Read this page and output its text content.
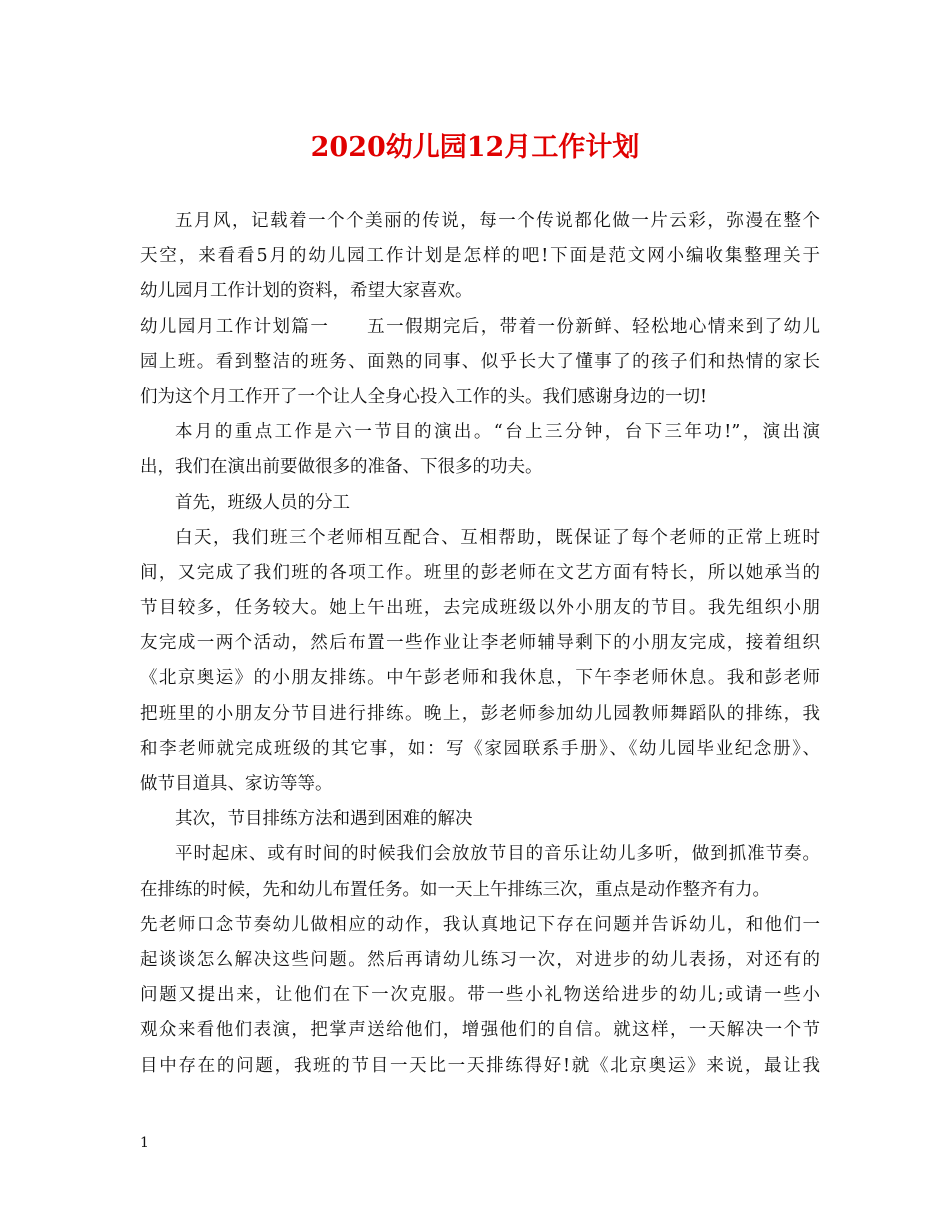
2020幼儿园12月工作计划
五月风，记载着一个个美丽的传说，每一个传说都化做一片云彩，弥漫在整个
天空，来看看5月的幼儿园工作计划是怎样的吧!下面是范文网小编收集整理关于
幼儿园月工作计划的资料，希望大家喜欢。
幼儿园月工作计划篇一　　五一假期完后，带着一份新鲜、轻松地心情来到了幼儿
园上班。看到整洁的班务、面熟的同事、似乎长大了懂事了的孩子们和热情的家长
们为这个月工作开了一个让人全身心投入工作的头。我们感谢身边的一切!
本月的重点工作是六一节目的演出。“台上三分钟，台下三年功!”，演出演
出，我们在演出前要做很多的准备、下很多的功夫。
首先，班级人员的分工
白天，我们班三个老师相互配合、互相帮助，既保证了每个老师的正常上班时
间，又完成了我们班的各项工作。班里的彭老师在文艺方面有特长，所以她承当的
节目较多，任务较大。她上午出班，去完成班级以外小朋友的节目。我先组织小朋
友完成一两个活动，然后布置一些作业让李老师辅导剩下的小朋友完成，接着组织
《北京奥运》的小朋友排练。中午彭老师和我休息，下午李老师休息。我和彭老师
把班里的小朋友分节目进行排练。晚上，彭老师参加幼儿园教师舞蹈队的排练，我
和李老师就完成班级的其它事，如：写《家园联系手册》、《幼儿园毕业纪念册》、
做节目道具、家访等等。
其次，节目排练方法和遇到困难的解决
平时起床、或有时间的时候我们会放放节目的音乐让幼儿多听，做到抓准节奏。
在排练的时候，先和幼儿布置任务。如一天上午排练三次，重点是动作整齐有力。
先老师口念节奏幼儿做相应的动作，我认真地记下存在问题并告诉幼儿，和他们一
起谈谈怎么解决这些问题。然后再请幼儿练习一次，对进步的幼儿表扬，对还有的
问题又提出来，让他们在下一次克服。带一些小礼物送给进步的幼儿;或请一些小
观众来看他们表演，把掌声送给他们，增强他们的自信。就这样，一天解决一个节
目中存在的问题，我班的节目一天比一天排练得好!就《北京奥运》来说，最让我
1
